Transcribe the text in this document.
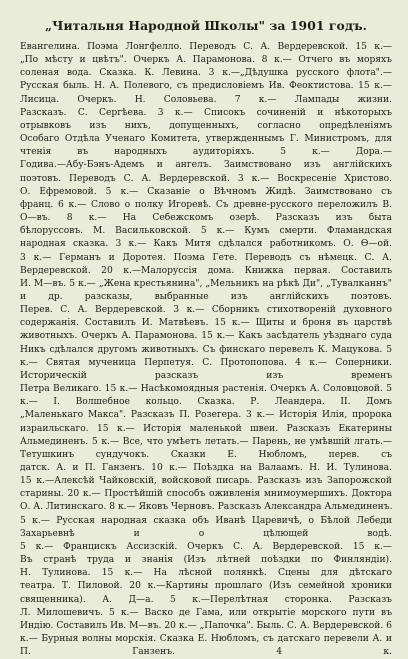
„Читальня Народной Школы" за 1901 годъ.
Евангелина. Поэма Лонгфелло. Переводъ С. А. Вердеревской. 15 к.—
„По мѣсту и цвѣтъ". Очеркъ А. Парамонова. 8 к.— Отчего въ моряхъ
соленая вода. Сказка. К. Левина. 3 к.—„Дѣдушка русского флота".—
Русская быль. Н. А. Полевого, съ предисловіемъ Ив. Феоктистова. 15 к.—
Лисица. Очеркъ. Н. Соловьева. 7 к.— Лампады жизни.
Разсказъ. С. Сергѣева. 3 к.— Списокъ сочиненій и нѣкоторыхъ
отрывковъ изъ нихъ, допущенныхъ, согласно опредѣленіямъ
Особаго Отдѣла Ученаго Комитета, утвержденнымъ Г. Министромъ, для
чтенія въ народныхъ аудиторіяхъ. 5 к.— Дора.—
Годива.—Абу-Бэнъ-Адемъ и ангелъ. Заимствовано изъ англійскихъ
поэтовъ. Переводъ С. А. Вердеревской. 3 к.— Воскресеніе Христово.
О. Ефремовой. 5 к.— Сказаніе о Вѣчномъ Жидѣ. Заимствовано съ
франц. 6 к.— Слово о полку Игоревѣ. Съ древне-русского переложилъ В.
О—въ. 8 к.— На Себежскомъ озерѣ. Разсказъ изъ быта
бѣлоруссовъ. М. Васильковской. 5 к.— Кумъ смерти. Фламандская
народная сказка. 3 к.— Какъ Митя сдѣлался работникомъ. О. Ѳ—ой.
3 к.— Германъ и Доротея. Поэма Гете. Переводъ съ нѣмецк. С. А.
Вердеревской. 20 к.—Малоруссія дома. Книжка первая. Составилъ
И. М—въ. 5 к.— „Жена крестьянина", „Мельникъ на рѣкѣ Ди", „Тувалканнъ"
и др. разсказы, выбранные изъ англійскихъ поэтовъ.
Перев. С. А. Вердеревской. 3 к.— Сборникъ стихотвореній духовного
содержанія. Составилъ И. Матвѣевъ. 15 к.— Щиты и броня въ царствѣ
животныхъ. Очеркъ А. Парамонова. 15 к.— Какъ засѣдатель уѣзднаго суда
Никъ сдѣлался другомъ животныхъ. Съ финскаго перевелъ К. Мацукова. 5
к.— Святая мученица Перпетуя. С. Протопопова. 4 к.— Соперники.
Историческій разсказъ изъ временъ
Петра Великаго. 15 к.— Насѣкомоядныя растенія. Очеркъ А. Соловцовой. 5
к.— І. Волшебное кольцо. Сказка. Р. Леандера. ІІ. Домъ
„Маленькаго Макса". Разсказъ П. Розегера. 3 к.— Исторія Илія, пророка
израильскаго. 15 к.— Исторія маленькой швеи. Разсказъ Екатерины
Альмединенъ. 5 к.— Все, что умѣетъ летать.— Парень, не умѣвшій лгать.—
Тетушкинъ сундучокъ. Сказки Е. Нюбломъ, перев. съ
датск. А. и П. Ганзенъ. 10 к.— Поѣздка на Валаамъ. Н. И. Тулинова.
15 к.—Алексѣй Чайковскій, войсковой писарь. Разсказъ изъ Запорожской
старины. 20 к.— Простѣйшій способъ оживленія мнимоумершихъ. Доктора
О. А. Литинскаго. 8 к.— Яковъ Черновъ. Разсказъ Александра Альмединенъ.
5 к.— Русская народная сказка объ Иванѣ Царевичѣ, о Бѣлой Лебеди
Захарьевнѣ и о цѣлющей водѣ.
5 к.— Францискъ Ассизскій. Очеркъ С. А. Вердеревской. 15 к.—
Въ странѣ труда и знанія (Изъ лѣтней поѣздки по Финляндіи).
Н. Тулинова. 15 к.— На лѣсной полянкѣ. Сцены для дѣтскаго
театра. Т. Пиловой. 20 к.—Картины прошлаго (Изъ семейной хроники
священника). А. Д—а. 5 к.—Перелѣтная сторонка. Разсказъ
Л. Милошевичъ. 5 к.— Васко де Гама, или открытіе морского пути въ
Индію. Составилъ Ив. М—въ. 20 к.— „Папочка". Быль. С. А. Вердеревской. 6
к.— Бурныя волны морскія. Сказка Е. Нюбломъ, съ датскаго перевели А. и
П. Ганзенъ. 4 к.
